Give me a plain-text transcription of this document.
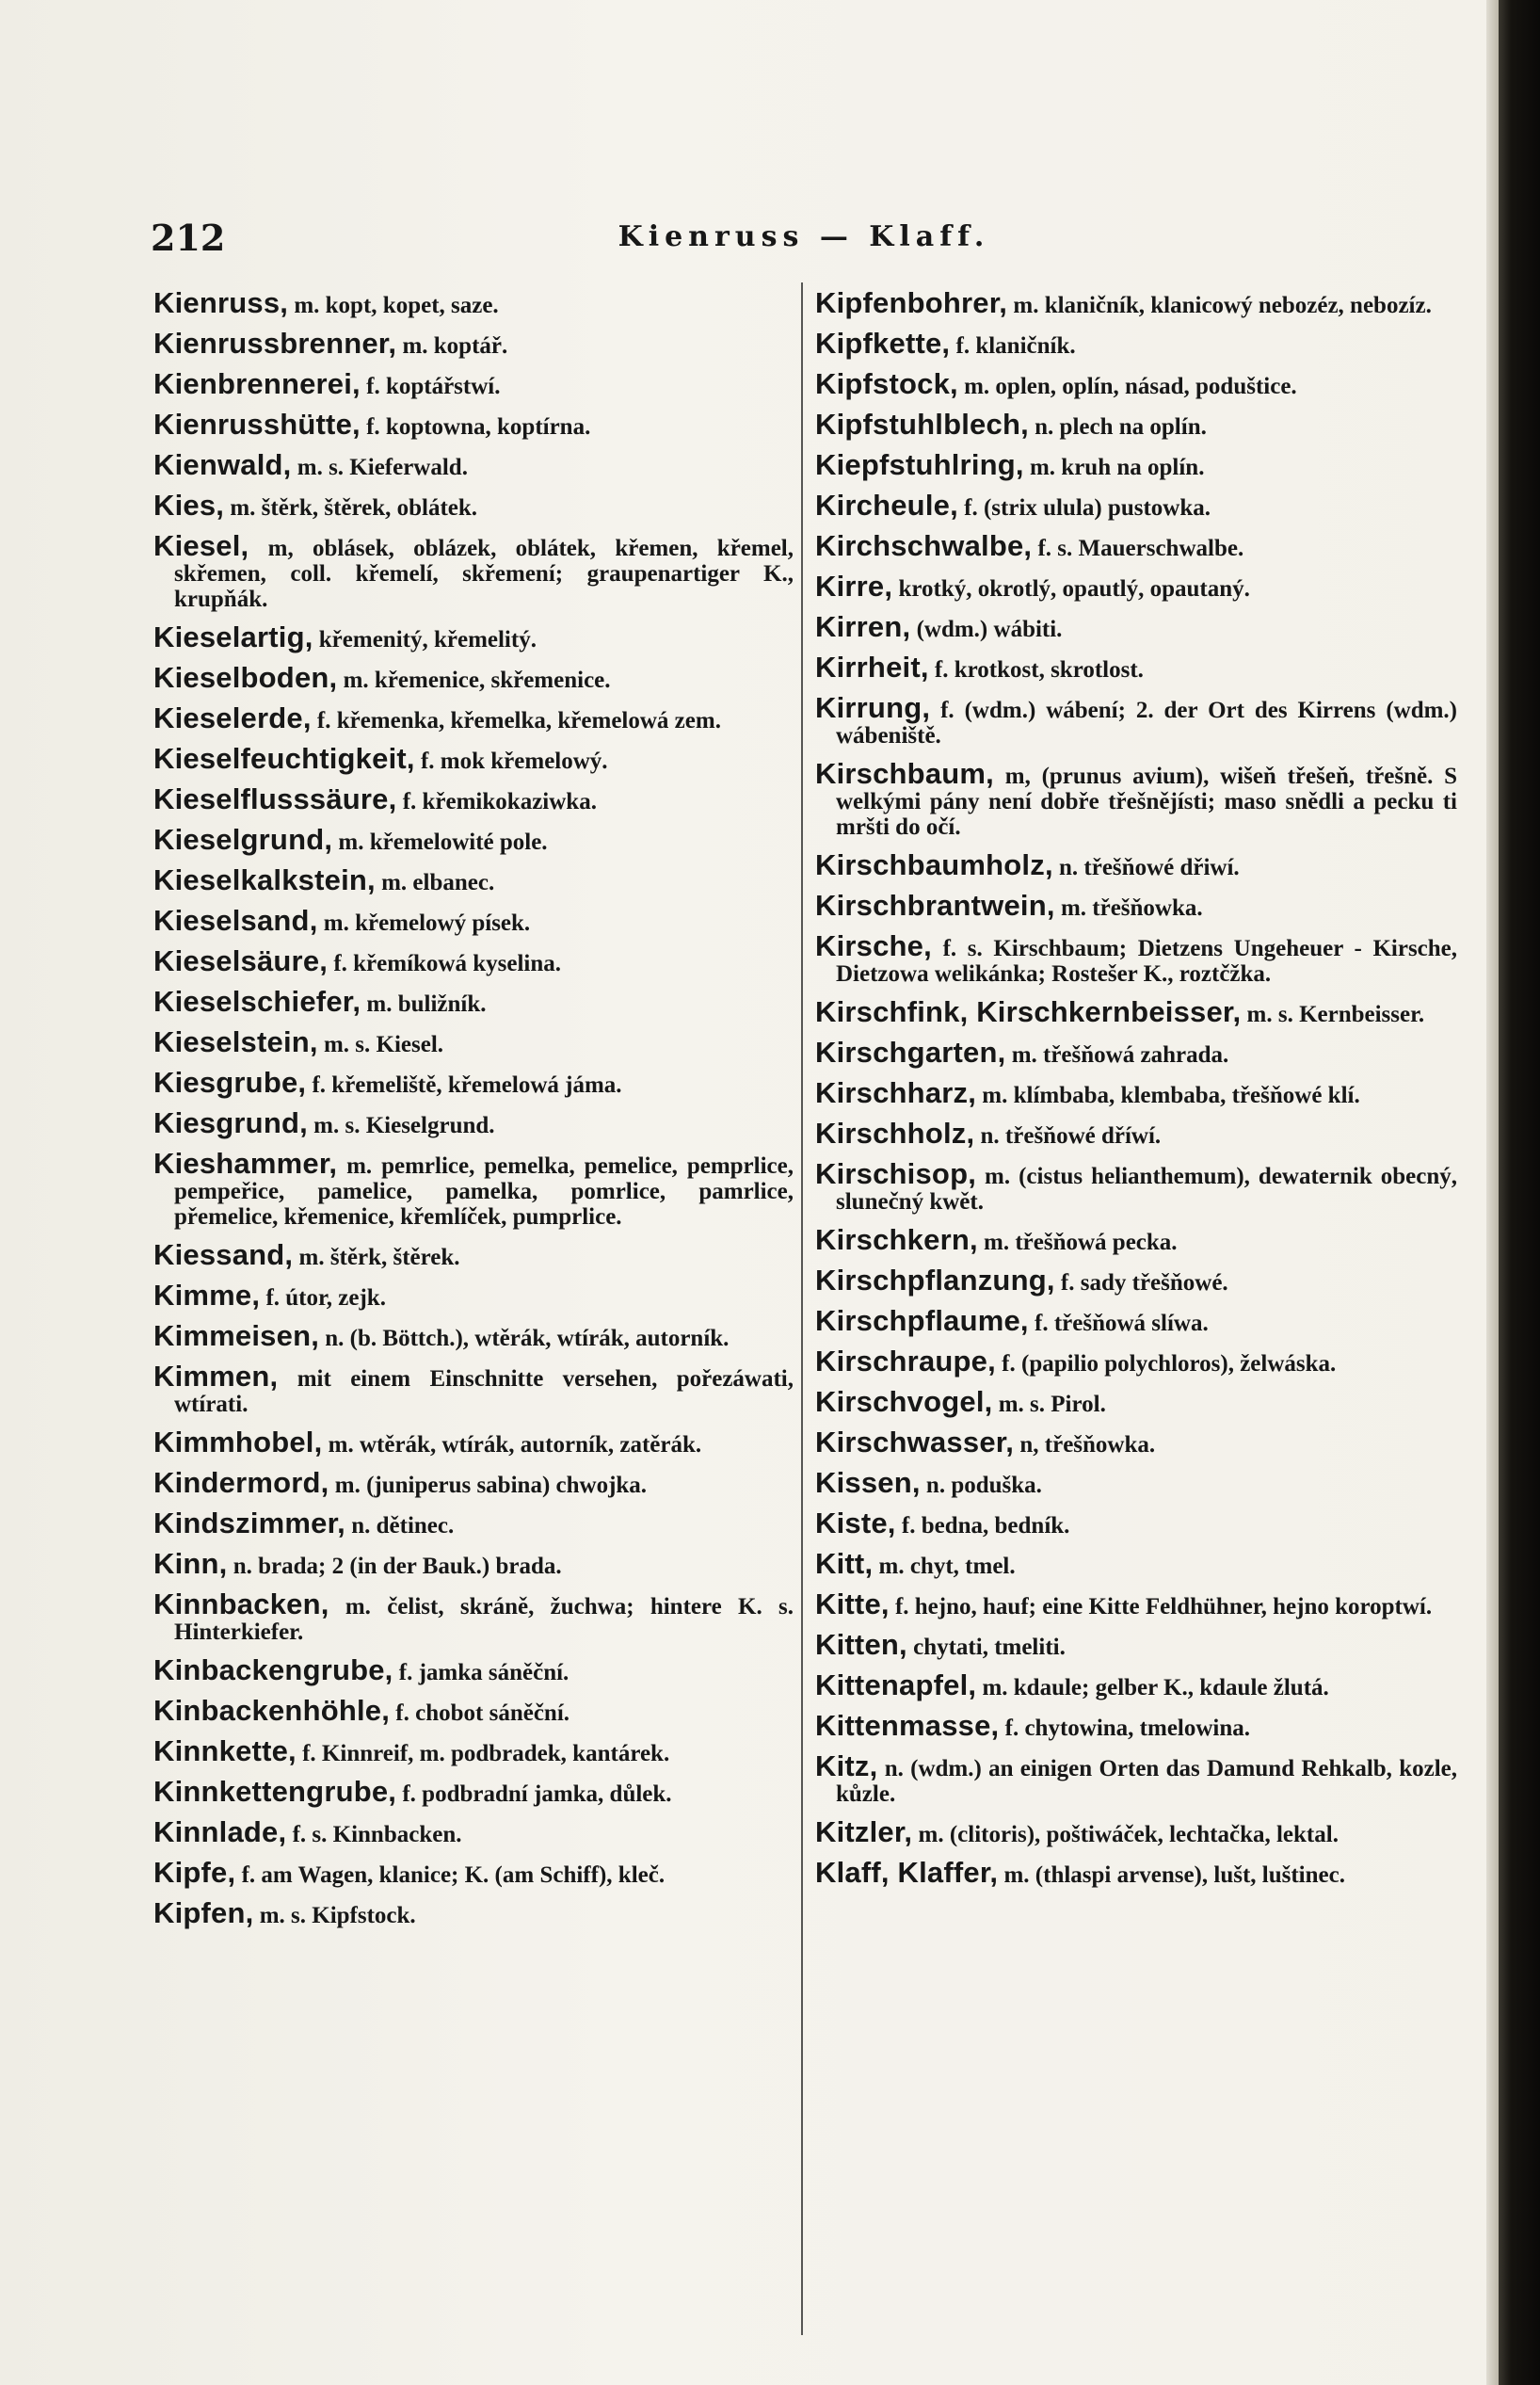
212	Kienruss — Klaff.

Kienruss, m. kopt, kopet, saze.

Kienrussbrenner, m. koptář.

Kienbrennerei, f. koptářstwí.

Kienrusshütte, f. koptowna, koptírna.

Kienwald, m. s. Kieferwald.

Kies, m. štěrk, štěrek, oblátek.

Kiesel, m, oblásek, oblázek, oblátek, křemen, křemel, skřemen, coll. křemelí, skřemení; graupenartiger K., krupňák.

Kieselartig, křemenitý, křemelitý.

Kieselboden, m. křemenice, skřemenice.

Kieselerde, f. křemenka, křemelka, křemelowá zem.

Kieselfeuchtigkeit, f. mok křemelowý.

Kieselflusssäure, f. křemikokaziwka.

Kieselgrund, m. křemelowité pole.

Kieselkalkstein, m. elbanec.

Kieselsand, m. křemelowý písek.

Kieselsäure, f. křemíkowá kyselina.

Kieselschiefer, m. buližník.

Kieselstein, m. s. Kiesel.

Kiesgrube, f. křemeliště, křemelowá jáma.

Kiesgrund, m. s. Kieselgrund.

Kieshammer, m. pemrlice, pemelka, pemelice, pemprlice, pempeřice, pamelice, pamelka, pomrlice, pamrlice, přemelice, křemenice, křemlíček, pumprlice.

Kiessand, m. štěrk, štěrek.

Kimme, f. útor, zejk.

Kimmeisen, n. (b. Böttch.), wtěrák, wtírák, autorník.

Kimmen, mit einem Einschnitte versehen, pořezáwati, wtírati.

Kimmhobel, m. wtěrák, wtírák, autorník, zatěrák.

Kindermord, m. (juniperus sabina) chwojka.

Kindszimmer, n. dětinec.

Kinn, n. brada; 2 (in der Bauk.) brada.

Kinnbacken, m. čelist, skráně, žuchwa; hintere K. s. Hinterkiefer.

Kinbackengrube, f. jamka sáněční.

Kinbackenhöhle, f. chobot sáněční.

Kinnkette, f. Kinnreif, m. podbradek, kantárek.

Kinnkettengrube, f. podbradní jamka, důlek.

Kinnlade, f. s. Kinnbacken.

Kipfe, f. am Wagen, klanice; K. (am Schiff), kleč.

Kipfen, m. s. Kipfstock.

Kipfenbohrer, m. klaničník, klanicowý nebozéz, nebozíz.

Kipfkette, f. klaničník.

Kipfstock, m. oplen, oplín, násad, poduštice.

Kipfstuhlblech, n. plech na oplín.

Kiepfstuhlring, m. kruh na oplín.

Kircheule, f. (strix ulula) pustowka.

Kirchschwalbe, f. s. Mauerschwalbe.

Kirre, krotký, okrotlý, opautlý, opautaný.

Kirren, (wdm.) wábiti.

Kirrheit, f. krotkost, skrotlost.

Kirrung, f. (wdm.) wábení; 2. der Ort des Kirrens (wdm.) wábeniště.

Kirschbaum, m, (prunus avium), wišeň třešeň, třešně. S welkými pány není dobře třešnějísti; maso snědli a pecku ti mršti do očí.

Kirschbaumholz, n. třešňowé dřiwí.

Kirschbrantwein, m. třešňowka.

Kirsche, f. s. Kirschbaum; Dietzens Ungeheuer - Kirsche, Dietzowa welikánka; Rostešer K., roztčžka.

Kirschfink, Kirschkernbeisser, m. s. Kernbeisser.

Kirschgarten, m. třešňowá zahrada.

Kirschharz, m. klímbaba, klembaba, třešňowé klí.

Kirschholz, n. třešňowé dříwí.

Kirschisop, m. (cistus helianthemum), dewaternik obecný, slunečný kwět.

Kirschkern, m. třešňowá pecka.

Kirschpflanzung, f. sady třešňowé.

Kirschpflaume, f. třešňowá slíwa.

Kirschraupe, f. (papilio polychloros), želwáska.

Kirschvogel, m. s. Pirol.

Kirschwasser, n, třešňowka.

Kissen, n. poduška.

Kiste, f. bedna, bedník.

Kitt, m. chyt, tmel.

Kitte, f. hejno, hauf; eine Kitte Feldhühner, hejno koroptwí.

Kitten, chytati, tmeliti.

Kittenapfel, m. kdaule; gelber K., kdaule žlutá.

Kittenmasse, f. chytowina, tmelowina.

Kitz, n. (wdm.) an einigen Orten das Damund Rehkalb, kozle, kůzle.

Kitzler, m. (clitoris), poštiwáček, lechtačka, lektal.

Klaff, Klaffer, m. (thlaspi arvense), lušt, luštinec.
